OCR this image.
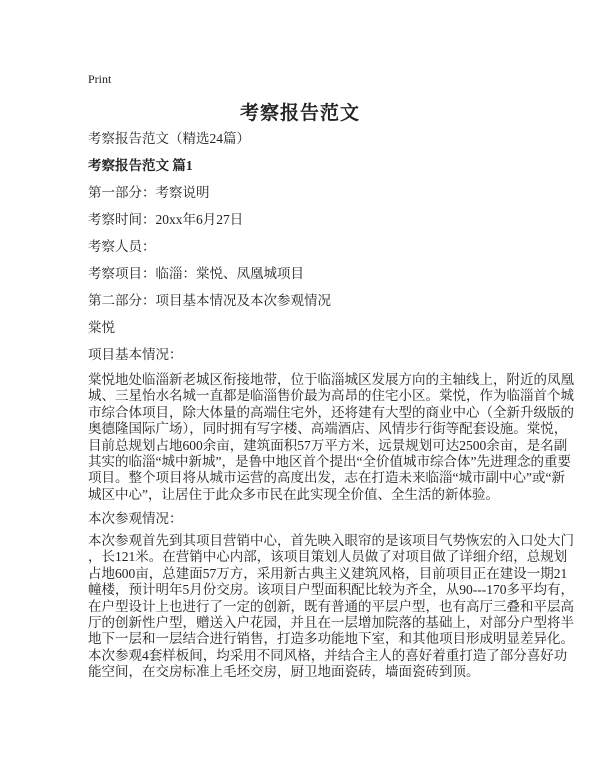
Print
考察报告范文
考察报告范文（精选24篇）
考察报告范文 篇1
第一部分：考察说明
考察时间：20xx年6月27日
考察人员：
考察项目：临淄：棠悦、凤凰城项目
第二部分：项目基本情况及本次参观情况
棠悦
项目基本情况：
棠悦地处临淄新老城区衔接地带，位于临淄城区发展方向的主轴线上，附近的凤凰
城、三星怡水名城一直都是临淄售价最为高昂的住宅小区。棠悦，作为临淄首个城
市综合体项目，除大体量的高端住宅外，还将建有大型的商业中心（全新升级版的
奥德隆国际广场），同时拥有写字楼、高端酒店、风情步行街等配套设施。棠悦，
目前总规划占地600余亩，建筑面积57万平方米，远景规划可达2500余亩，是名副
其实的临淄“城中新城”，是鲁中地区首个提出“全价值城市综合体”先进理念的重要
项目。整个项目将从城市运营的高度出发，志在打造未来临淄“城市副中心”或“新
城区中心”，让居住于此众多市民在此实现全价值、全生活的新体验。
本次参观情况：
本次参观首先到其项目营销中心，首先映入眼帘的是该项目气势恢宏的入口处大门
，长121米。在营销中心内部，该项目策划人员做了对项目做了详细介绍，总规划
占地600亩，总建面57万方，采用新古典主义建筑风格，目前项目正在建设一期21
幢楼，预计明年5月份交房。该项目户型面积配比较为齐全，从90---170多平均有，
在户型设计上也进行了一定的创新，既有普通的平层户型，也有高厅三叠和平层高
厅的创新性户型，赠送入户花园，并且在一层增加院落的基础上，对部分户型将半
地下一层和一层结合进行销售，打造多功能地下室，和其他项目形成明显差异化。
本次参观4套样板间，均采用不同风格，并结合主人的喜好着重打造了部分喜好功
能空间，在交房标准上毛坯交房，厨卫地面瓷砖，墙面瓷砖到顶。
